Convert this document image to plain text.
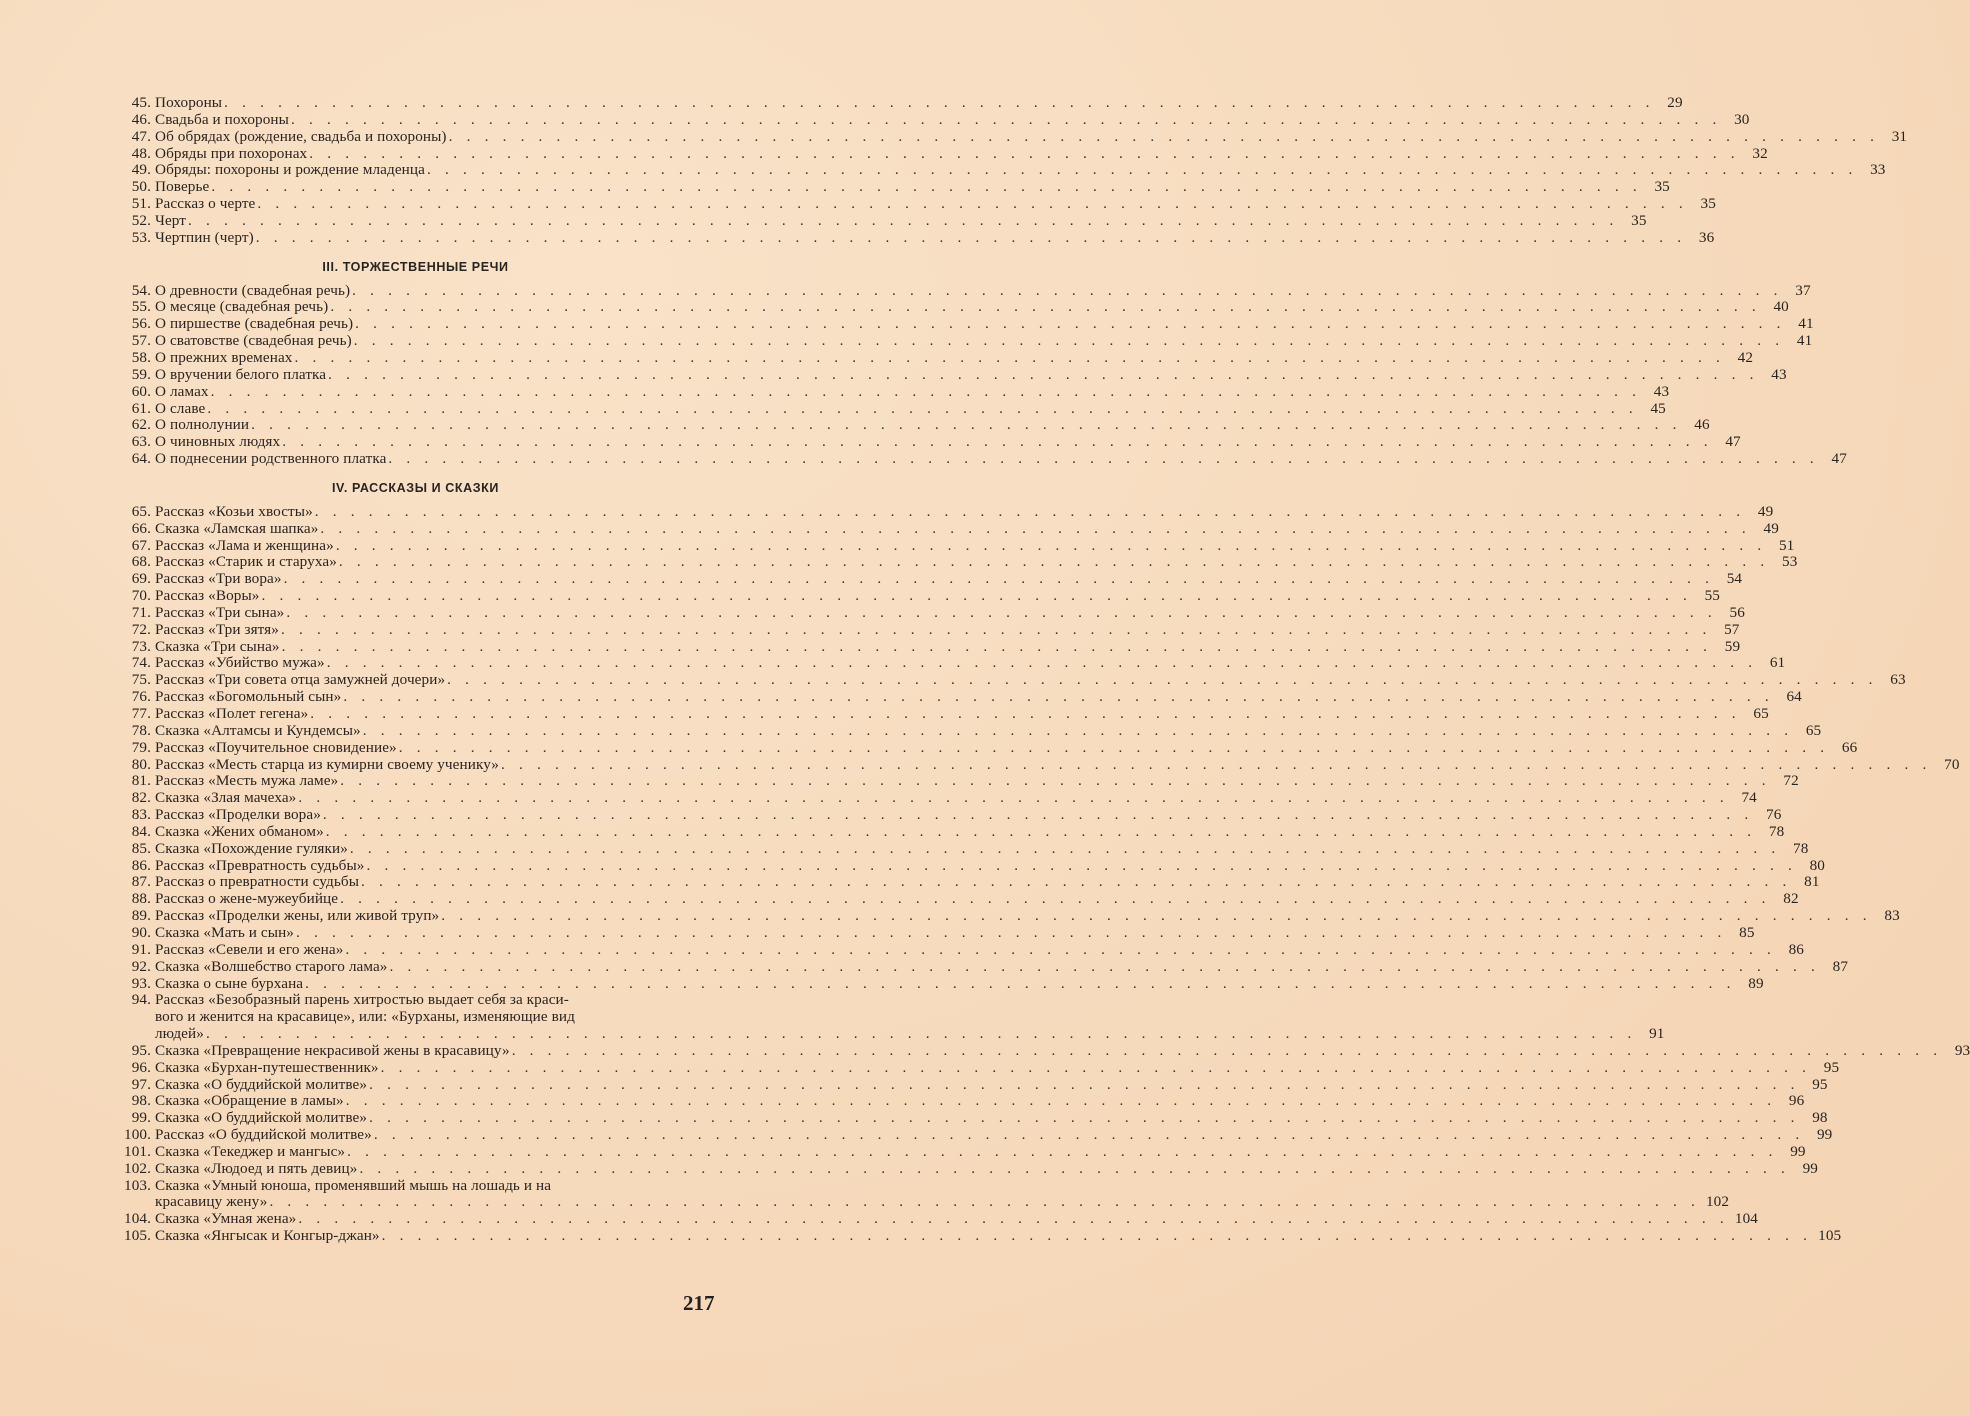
45. Похороны . . . . . . . . . . . . . . . . . . . . . . . . . . . . . . . . . . . . . . . . . . . . . . . . . . . . . . . . . . . . . . . . . . . . . . . . . . . . . . . . 29
46. Свадьба и похороны . . . . . . . . . . . . . . . . . . . . . . . . . . . . . . . . . . . . . . . . . . . . . . . . . . . . . . . . . . . . . . . . . . . . . . . . . . . . . . . . 30
47. Об обрядах (рождение, свадьба и похороны) . . . . . . . . . . . . . . . . . . . . . . . . . . . . . . . . . . . . . . . . . . . . . . . . . . . . . . . . . . . . . . . . . . . . . . . . . . . . . . . . 31
48. Обряды при похоронах . . . . . . . . . . . . . . . . . . . . . . . . . . . . . . . . . . . . . . . . . . . . . . . . . . . . . . . . . . . . . . . . . . . . . . . . . . . . . . . . 32
49. Обряды: похороны и рождение младенца . . . . . . . . . . . . . . . . . . . . . . . . . . . . . . . . . . . . . . . . . . . . . . . . . . . . . . . . . . . . . . . . . . . . . . . . . . . . . . . . 33
50. Поверье . . . . . . . . . . . . . . . . . . . . . . . . . . . . . . . . . . . . . . . . . . . . . . . . . . . . . . . . . . . . . . . . . . . . . . . . . . . . . . . . 35
51. Рассказ о черте . . . . . . . . . . . . . . . . . . . . . . . . . . . . . . . . . . . . . . . . . . . . . . . . . . . . . . . . . . . . . . . . . . . . . . . . . . . . . . . . 35
52. Черт . . . . . . . . . . . . . . . . . . . . . . . . . . . . . . . . . . . . . . . . . . . . . . . . . . . . . . . . . . . . . . . . . . . . . . . . . . . . . . . . 35
53. Чертпин (черт) . . . . . . . . . . . . . . . . . . . . . . . . . . . . . . . . . . . . . . . . . . . . . . . . . . . . . . . . . . . . . . . . . . . . . . . . . . . . . . . . 36
III. ТОРЖЕСТВЕННЫЕ РЕЧИ
54. О древности (свадебная речь) . . . . . . . . . . . . . . . . . . . . . . . . . . . . . . . . . . . . . . . . . . . . . . . . . . . . . . . . . . . . . . . . . . . . . . . . . . . . . . . . 37
55. О месяце (свадебная речь) . . . . . . . . . . . . . . . . . . . . . . . . . . . . . . . . . . . . . . . . . . . . . . . . . . . . . . . . . . . . . . . . . . . . . . . . . . . . . . . . 40
56. О пиршестве (свадебная речь) . . . . . . . . . . . . . . . . . . . . . . . . . . . . . . . . . . . . . . . . . . . . . . . . . . . . . . . . . . . . . . . . . . . . . . . . . . . . . . . . 41
57. О сватовстве (свадебная речь) . . . . . . . . . . . . . . . . . . . . . . . . . . . . . . . . . . . . . . . . . . . . . . . . . . . . . . . . . . . . . . . . . . . . . . . . . . . . . . . . 41
58. О прежних временах . . . . . . . . . . . . . . . . . . . . . . . . . . . . . . . . . . . . . . . . . . . . . . . . . . . . . . . . . . . . . . . . . . . . . . . . . . . . . . . . 42
59. О вручении белого платка . . . . . . . . . . . . . . . . . . . . . . . . . . . . . . . . . . . . . . . . . . . . . . . . . . . . . . . . . . . . . . . . . . . . . . . . . . . . . . . . 43
60. О ламах . . . . . . . . . . . . . . . . . . . . . . . . . . . . . . . . . . . . . . . . . . . . . . . . . . . . . . . . . . . . . . . . . . . . . . . . . . . . . . . . 43
61. О славе . . . . . . . . . . . . . . . . . . . . . . . . . . . . . . . . . . . . . . . . . . . . . . . . . . . . . . . . . . . . . . . . . . . . . . . . . . . . . . . . 45
62. О полнолунии . . . . . . . . . . . . . . . . . . . . . . . . . . . . . . . . . . . . . . . . . . . . . . . . . . . . . . . . . . . . . . . . . . . . . . . . . . . . . . . . 46
63. О чиновных людях . . . . . . . . . . . . . . . . . . . . . . . . . . . . . . . . . . . . . . . . . . . . . . . . . . . . . . . . . . . . . . . . . . . . . . . . . . . . . . . . 47
64. О поднесении родственного платка . . . . . . . . . . . . . . . . . . . . . . . . . . . . . . . . . . . . . . . . . . . . . . . . . . . . . . . . . . . . . . . . . . . . . . . . . . . . . . . . 47
IV. РАССКАЗЫ И СКАЗКИ
65. Рассказ «Козьи хвосты» . . . . . . . . . . . . . . . . . . . . . . . . . . . . . . . . . . . . . . . . . . . . . . . . . . . . . . . . . . . . . . . . . . . . . . . . . . . . . . . . 49
66. Сказка «Ламская шапка» . . . . . . . . . . . . . . . . . . . . . . . . . . . . . . . . . . . . . . . . . . . . . . . . . . . . . . . . . . . . . . . . . . . . . . . . . . . . . . . . 49
67. Рассказ «Лама и женщина» . . . . . . . . . . . . . . . . . . . . . . . . . . . . . . . . . . . . . . . . . . . . . . . . . . . . . . . . . . . . . . . . . . . . . . . . . . . . . . . . 51
68. Рассказ «Старик и старуха» . . . . . . . . . . . . . . . . . . . . . . . . . . . . . . . . . . . . . . . . . . . . . . . . . . . . . . . . . . . . . . . . . . . . . . . . . . . . . . . . 53
69. Рассказ «Три вора» . . . . . . . . . . . . . . . . . . . . . . . . . . . . . . . . . . . . . . . . . . . . . . . . . . . . . . . . . . . . . . . . . . . . . . . . . . . . . . . . 54
70. Рассказ «Воры» . . . . . . . . . . . . . . . . . . . . . . . . . . . . . . . . . . . . . . . . . . . . . . . . . . . . . . . . . . . . . . . . . . . . . . . . . . . . . . . . 55
71. Рассказ «Три сына» . . . . . . . . . . . . . . . . . . . . . . . . . . . . . . . . . . . . . . . . . . . . . . . . . . . . . . . . . . . . . . . . . . . . . . . . . . . . . . . . 56
72. Рассказ «Три зятя» . . . . . . . . . . . . . . . . . . . . . . . . . . . . . . . . . . . . . . . . . . . . . . . . . . . . . . . . . . . . . . . . . . . . . . . . . . . . . . . . 57
73. Сказка «Три сына» . . . . . . . . . . . . . . . . . . . . . . . . . . . . . . . . . . . . . . . . . . . . . . . . . . . . . . . . . . . . . . . . . . . . . . . . . . . . . . . . 59
74. Рассказ «Убийство мужа» . . . . . . . . . . . . . . . . . . . . . . . . . . . . . . . . . . . . . . . . . . . . . . . . . . . . . . . . . . . . . . . . . . . . . . . . . . . . . . . . 61
75. Рассказ «Три совета отца замужней дочери» . . . . . . . . . . . . . . . . . . . . . . . . . . . . . . . . . . . . . . . . . . . . . . . . . . . . . . . . . . . . . . . . . . . . . . . . . . . . . . . . 63
76. Рассказ «Богомольный сын» . . . . . . . . . . . . . . . . . . . . . . . . . . . . . . . . . . . . . . . . . . . . . . . . . . . . . . . . . . . . . . . . . . . . . . . . . . . . . . . . 64
77. Рассказ «Полет гегена» . . . . . . . . . . . . . . . . . . . . . . . . . . . . . . . . . . . . . . . . . . . . . . . . . . . . . . . . . . . . . . . . . . . . . . . . . . . . . . . . 65
78. Сказка «Алтамсы и Кундемсы» . . . . . . . . . . . . . . . . . . . . . . . . . . . . . . . . . . . . . . . . . . . . . . . . . . . . . . . . . . . . . . . . . . . . . . . . . . . . . . . . 65
79. Рассказ «Поучительное сновидение» . . . . . . . . . . . . . . . . . . . . . . . . . . . . . . . . . . . . . . . . . . . . . . . . . . . . . . . . . . . . . . . . . . . . . . . . . . . . . . . . 66
80. Рассказ «Месть старца из кумирни своему ученику» . . . . . . . . . . . . . . . . . . . . . . . . . . . . . . . . . . . . . . . . . . . . . . . . . . . . . . . . . . . . . . . . . . . . . . . . . . . . . . . . 70
81. Рассказ «Месть мужа ламе» . . . . . . . . . . . . . . . . . . . . . . . . . . . . . . . . . . . . . . . . . . . . . . . . . . . . . . . . . . . . . . . . . . . . . . . . . . . . . . . . 72
82. Сказка «Злая мачеха» . . . . . . . . . . . . . . . . . . . . . . . . . . . . . . . . . . . . . . . . . . . . . . . . . . . . . . . . . . . . . . . . . . . . . . . . . . . . . . . . 74
83. Рассказ «Проделки вора» . . . . . . . . . . . . . . . . . . . . . . . . . . . . . . . . . . . . . . . . . . . . . . . . . . . . . . . . . . . . . . . . . . . . . . . . . . . . . . . . 76
84. Сказка «Жених обманом» . . . . . . . . . . . . . . . . . . . . . . . . . . . . . . . . . . . . . . . . . . . . . . . . . . . . . . . . . . . . . . . . . . . . . . . . . . . . . . . . 78
85. Сказка «Похождение гуляки» . . . . . . . . . . . . . . . . . . . . . . . . . . . . . . . . . . . . . . . . . . . . . . . . . . . . . . . . . . . . . . . . . . . . . . . . . . . . . . . . 78
86. Рассказ «Превратность судьбы» . . . . . . . . . . . . . . . . . . . . . . . . . . . . . . . . . . . . . . . . . . . . . . . . . . . . . . . . . . . . . . . . . . . . . . . . . . . . . . . . 80
87. Рассказ о превратности судьбы . . . . . . . . . . . . . . . . . . . . . . . . . . . . . . . . . . . . . . . . . . . . . . . . . . . . . . . . . . . . . . . . . . . . . . . . . . . . . . . . 81
88. Рассказ о жене-мужеубийце . . . . . . . . . . . . . . . . . . . . . . . . . . . . . . . . . . . . . . . . . . . . . . . . . . . . . . . . . . . . . . . . . . . . . . . . . . . . . . . . 82
89. Рассказ «Проделки жены, или живой труп» . . . . . . . . . . . . . . . . . . . . . . . . . . . . . . . . . . . . . . . . . . . . . . . . . . . . . . . . . . . . . . . . . . . . . . . . . . . . . . . . 83
90. Сказка «Мать и сын» . . . . . . . . . . . . . . . . . . . . . . . . . . . . . . . . . . . . . . . . . . . . . . . . . . . . . . . . . . . . . . . . . . . . . . . . . . . . . . . . 85
91. Рассказ «Севели и его жена» . . . . . . . . . . . . . . . . . . . . . . . . . . . . . . . . . . . . . . . . . . . . . . . . . . . . . . . . . . . . . . . . . . . . . . . . . . . . . . . . 86
92. Сказка «Волшебство старого лама» . . . . . . . . . . . . . . . . . . . . . . . . . . . . . . . . . . . . . . . . . . . . . . . . . . . . . . . . . . . . . . . . . . . . . . . . . . . . . . . . 87
93. Сказка о сыне бурхана . . . . . . . . . . . . . . . . . . . . . . . . . . . . . . . . . . . . . . . . . . . . . . . . . . . . . . . . . . . . . . . . . . . . . . . . . . . . . . . . 89
94. Рассказ «Безобразный парень хитростью выдает себя за краси-
вого и женится на красавице», или: «Бурханы, изменяющие вид
людей» . . . . . . . . . . . . . . . . . . . . . . . . . . . . . . . . . . . . . . . . . . . . . . . . . . . . . . . . . . . . . . . . . . . . . . . . . . . . . . . . 91
95. Сказка «Превращение некрасивой жены в красавицу» . . . . . . . . . . . . . . . . . . . . . . . . . . . . . . . . . . . . . . . . . . . . . . . . . . . . . . . . . . . . . . . . . . . . . . . . . . . . . . . . 93
96. Сказка «Бурхан-путешественник» . . . . . . . . . . . . . . . . . . . . . . . . . . . . . . . . . . . . . . . . . . . . . . . . . . . . . . . . . . . . . . . . . . . . . . . . . . . . . . . . 95
97. Сказка «О буддийской молитве» . . . . . . . . . . . . . . . . . . . . . . . . . . . . . . . . . . . . . . . . . . . . . . . . . . . . . . . . . . . . . . . . . . . . . . . . . . . . . . . . 95
98. Сказка «Обращение в ламы» . . . . . . . . . . . . . . . . . . . . . . . . . . . . . . . . . . . . . . . . . . . . . . . . . . . . . . . . . . . . . . . . . . . . . . . . . . . . . . . . 96
99. Сказка «О буддийской молитве» . . . . . . . . . . . . . . . . . . . . . . . . . . . . . . . . . . . . . . . . . . . . . . . . . . . . . . . . . . . . . . . . . . . . . . . . . . . . . . . . 98
100. Рассказ «О буддийской молитве» . . . . . . . . . . . . . . . . . . . . . . . . . . . . . . . . . . . . . . . . . . . . . . . . . . . . . . . . . . . . . . . . . . . . . . . . . . . . . . . . 99
101. Сказка «Текеджер и мангыс» . . . . . . . . . . . . . . . . . . . . . . . . . . . . . . . . . . . . . . . . . . . . . . . . . . . . . . . . . . . . . . . . . . . . . . . . . . . . . . . . 99
102. Сказка «Людоед и пять девиц» . . . . . . . . . . . . . . . . . . . . . . . . . . . . . . . . . . . . . . . . . . . . . . . . . . . . . . . . . . . . . . . . . . . . . . . . . . . . . . . . 99
103. Сказка «Умный юноша, променявший мышь на лошадь и на
красавицу жену» . . . . . . . . . . . . . . . . . . . . . . . . . . . . . . . . . . . . . . . . . . . . . . . . . . . . . . . . . . . . . . . . . . . . . . . . . . . . . . . . 102
104. Сказка «Умная жена» . . . . . . . . . . . . . . . . . . . . . . . . . . . . . . . . . . . . . . . . . . . . . . . . . . . . . . . . . . . . . . . . . . . . . . . . . . . . . . . . 104
105. Сказка «Янгысак и Конгыр-джан» . . . . . . . . . . . . . . . . . . . . . . . . . . . . . . . . . . . . . . . . . . . . . . . . . . . . . . . . . . . . . . . . . . . . . . . . . . . . . . . . 105
217
